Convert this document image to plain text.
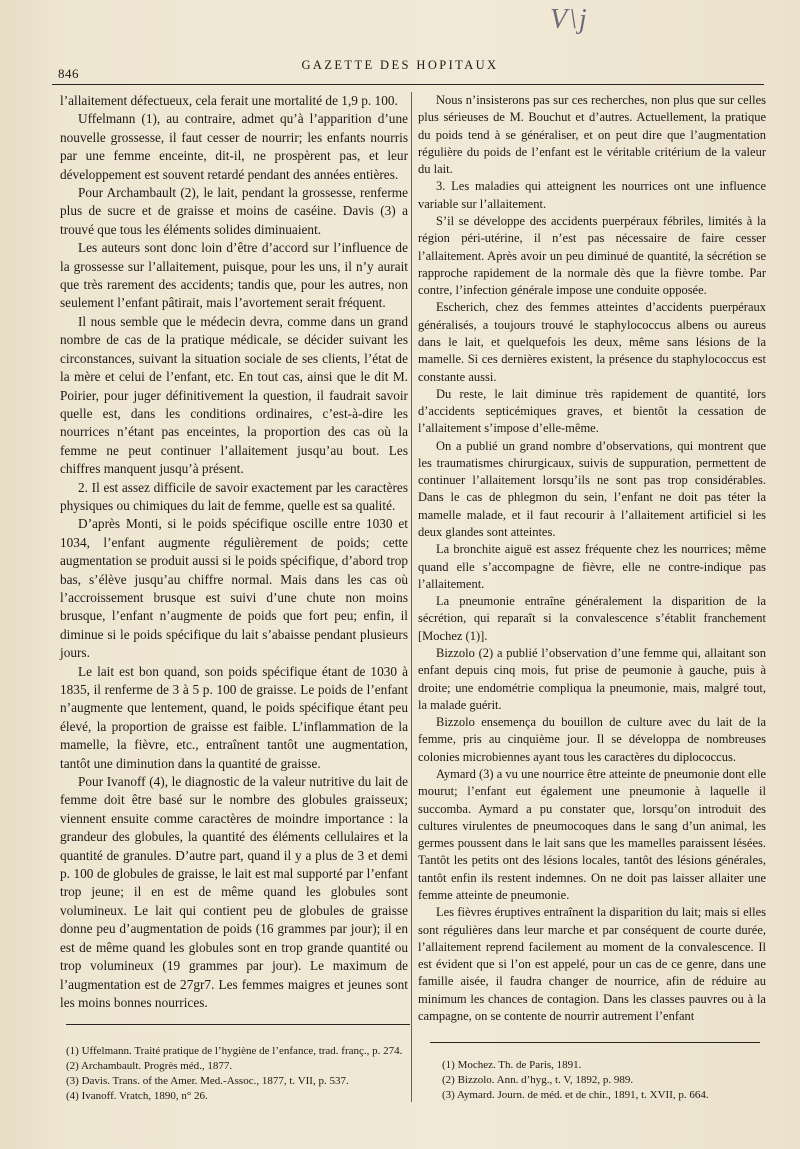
V\j
846
GAZETTE DES HOPITAUX

l’allaitement défectueux, cela ferait une mortalité de 1,9 p. 100.

Uffelmann (1), au contraire, admet qu’à l’apparition d’une nouvelle grossesse, il faut cesser de nourrir; les enfants nourris par une femme enceinte, dit-il, ne prospèrent pas, et leur développement est souvent retardé pendant des années entières.

Pour Archambault (2), le lait, pendant la grossesse, renferme plus de sucre et de graisse et moins de caséine. Davis (3) a trouvé que tous les éléments solides diminuaient.

Les auteurs sont donc loin d’être d’accord sur l’influence de la grossesse sur l’allaitement, puisque, pour les uns, il n’y aurait que très rarement des accidents; tandis que, pour les autres, non seulement l’enfant pâtirait, mais l’avortement serait fréquent.

Il nous semble que le médecin devra, comme dans un grand nombre de cas de la pratique médicale, se décider suivant les circonstances, suivant la situation sociale de ses clients, l’état de la mère et celui de l’enfant, etc. En tout cas, ainsi que le dit M. Poirier, pour juger définitivement la question, il faudrait savoir quelle est, dans les conditions ordinaires, c’est-à-dire les nourrices n’étant pas enceintes, la proportion des cas où la femme ne peut continuer l’allaitement jusqu’au bout. Les chiffres manquent jusqu’à présent.

2. Il est assez difficile de savoir exactement par les caractères physiques ou chimiques du lait de femme, quelle est sa qualité.

D’après Monti, si le poids spécifique oscille entre 1030 et 1034, l’enfant augmente régulièrement de poids; cette augmentation se produit aussi si le poids spécifique, d’abord trop bas, s’élève jusqu’au chiffre normal. Mais dans les cas où l’accroissement brusque est suivi d’une chute non moins brusque, l’enfant n’augmente de poids que fort peu; enfin, il diminue si le poids spécifique du lait s’abaisse pendant plusieurs jours.

Le lait est bon quand, son poids spécifique étant de 1030 à 1835, il renferme de 3 à 5 p. 100 de graisse. Le poids de l’enfant n’augmente que lentement, quand, le poids spécifique étant peu élevé, la proportion de graisse est faible. L’inflammation de la mamelle, la fièvre, etc., entraînent tantôt une augmentation, tantôt une diminution dans la quantité de graisse.

Pour Ivanoff (4), le diagnostic de la valeur nutritive du lait de femme doit être basé sur le nombre des globules graisseux; viennent ensuite comme caractères de moindre importance : la grandeur des globules, la quantité des éléments cellulaires et la quantité de granules. D’autre part, quand il y a plus de 3 et demi p. 100 de globules de graisse, le lait est mal supporté par l’enfant trop jeune; il en est de même quand les globules sont volumineux. Le lait qui contient peu de globules de graisse donne peu d’augmentation de poids (16 grammes par jour); il en est de même quand les globules sont en trop grande quantité ou trop volumineux (19 grammes par jour). Le maximum de l’augmentation est de 27gr7. Les femmes maigres et jeunes sont les moins bonnes nourrices.

Nous n’insisterons pas sur ces recherches, non plus que sur celles plus sérieuses de M. Bouchut et d’autres. Actuellement, la pratique du poids tend à se généraliser, et on peut dire que l’augmentation régulière du poids de l’enfant est le véritable critérium de la valeur du lait.

3. Les maladies qui atteignent les nourrices ont une influence variable sur l’allaitement.

S’il se développe des accidents puerpéraux fébriles, limités à la région péri-utérine, il n’est pas nécessaire de faire cesser l’allaitement. Après avoir un peu diminué de quantité, la sécrétion se rapproche rapidement de la normale dès que la fièvre tombe. Par contre, l’infection générale impose une conduite opposée.

Escherich, chez des femmes atteintes d’accidents puerpéraux généralisés, a toujours trouvé le staphylococcus albens ou aureus dans le lait, et quelquefois les deux, même sans lésions de la mamelle. Si ces dernières existent, la présence du staphylococcus est constante aussi.

Du reste, le lait diminue très rapidement de quantité, lors d’accidents septicémiques graves, et bientôt la cessation de l’allaitement s’impose d’elle-même.

On a publié un grand nombre d’observations, qui montrent que les traumatismes chirurgicaux, suivis de suppuration, permettent de continuer l’allaitement lorsqu’ils ne sont pas trop considérables. Dans le cas de phlegmon du sein, l’enfant ne doit pas téter la mamelle malade, et il faut recourir à l’allaitement artificiel si les deux glandes sont atteintes.

La bronchite aiguë est assez fréquente chez les nourrices; même quand elle s’accompagne de fièvre, elle ne contre-indique pas l’allaitement.

La pneumonie entraîne généralement la disparition de la sécrétion, qui reparaît si la convalescence s’établit franchement [Mochez (1)].

Bizzolo (2) a publié l’observation d’une femme qui, allaitant son enfant depuis cinq mois, fut prise de peumonie à gauche, puis à droite; une endométrie compliqua la pneumonie, mais, malgré tout, la malade guérit.

Bizzolo ensemença du bouillon de culture avec du lait de la femme, pris au cinquième jour. Il se développa de nombreuses colonies microbiennes ayant tous les caractères du diplococcus.

Aymard (3) a vu une nourrice être atteinte de pneumonie dont elle mourut; l’enfant eut également une pneumonie à laquelle il succomba. Aymard a pu constater que, lorsqu’on introduit des cultures virulentes de pneumocoques dans le sang d’un animal, les germes poussent dans le lait sans que les mamelles paraissent lésées. Tantôt les petits ont des lésions locales, tantôt des lésions générales, tantôt enfin ils restent indemnes. On ne doit pas laisser allaiter une femme atteinte de pneumonie.

Les fièvres éruptives entraînent la disparition du lait; mais si elles sont régulières dans leur marche et par conséquent de courte durée, l’allaitement reprend facilement au moment de la convalescence. Il est évident que si l’on est appelé, pour un cas de ce genre, dans une famille aisée, il faudra changer de nourrice, afin de réduire au minimum les chances de contagion. Dans les classes pauvres ou à la campagne, on se contente de nourrir autrement l’enfant

(1) Uffelmann. Traité pratique de l’hygiène de l’enfance, trad. franç., p. 274.

(2) Archambault. Progrès méd., 1877.

(3) Davis. Trans. of the Amer. Med.-Assoc., 1877, t. VII, p. 537.

(4) Ivanoff. Vratch, 1890, n° 26.

(1) Mochez. Th. de Paris, 1891.

(2) Bizzolo. Ann. d’hyg., t. V, 1892, p. 989.

(3) Aymard. Journ. de méd. et de chir., 1891, t. XVII, p. 664.
